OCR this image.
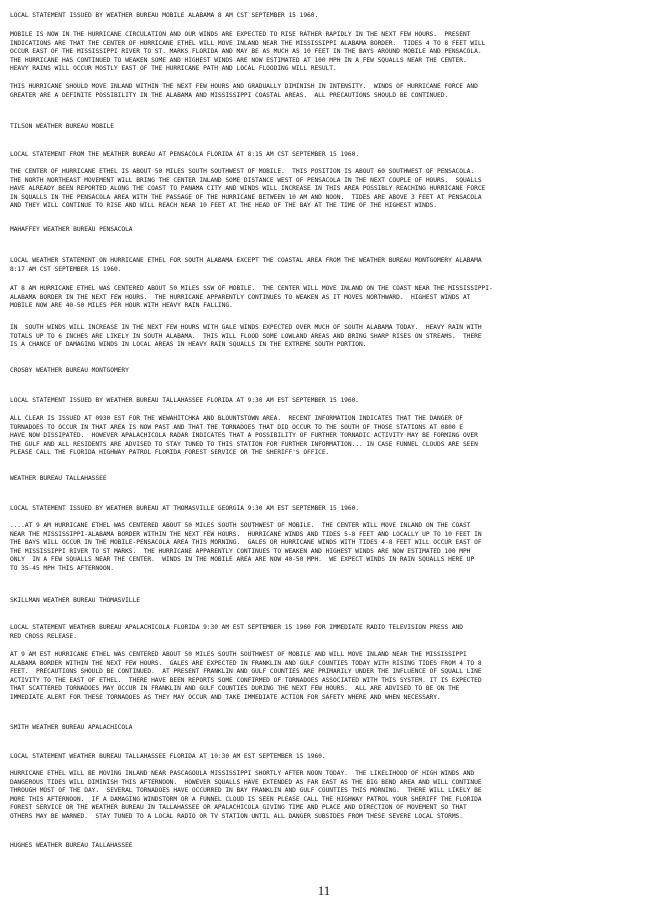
LOCAL STATEMENT ISSUED BY WEATHER BUREAU MOBILE ALABAMA 8 AM CST SEPTEMBER 15 1960.
MOBILE IS NOW IN THE HURRICANE CIRCULATION AND OUR WINDS ARE EXPECTED TO RISE RATHER RAPIDLY IN THE NEXT FEW HOURS.  PRESENT
INDICATIONS ARE THAT THE CENTER OF HURRICANE ETHEL WILL MOVE INLAND NEAR THE MISSISSIPPI ALABAMA BORDER.  TIDES 4 TO 8 FEET WILL
OCCUR EAST OF THE MISSISSIPPI RIVER TO ST. MARKS FLORIDA AND MAY BE AS MUCH AS 10 FEET IN THE BAYS AROUND MOBILE AND PENSACOLA.
THE HURRICANE HAS CONTINUED TO WEAKEN SOME AND HIGHEST WINDS ARE NOW ESTIMATED AT 100 MPH IN A FEW SQUALLS NEAR THE CENTER.
HEAVY RAINS WILL OCCUR MOSTLY EAST OF THE HURRICANE PATH AND LOCAL FLOODING WILL RESULT.
THIS HURRICANE SHOULD MOVE INLAND WITHIN THE NEXT FEW HOURS AND GRADUALLY DIMINISH IN INTENSITY.  WINDS OF HURRICANE FORCE AND
GREATER ARE A DEFINITE POSSIBILITY IN THE ALABAMA AND MISSISSIPPI COASTAL AREAS.  ALL PRECAUTIONS SHOULD BE CONTINUED.
TILSON WEATHER BUREAU MOBILE
LOCAL STATEMENT FROM THE WEATHER BUREAU AT PENSACOLA FLORIDA AT 8:15 AM CST SEPTEMBER 15 1960.
THE CENTER OF HURRICANE ETHEL IS ABOUT 50 MILES SOUTH SOUTHWEST OF MOBILE.  THIS POSITION IS ABOUT 60 SOUTHWEST OF PENSACOLA.
THE NORTH NORTHEAST MOVEMENT WILL BRING THE CENTER INLAND SOME DISTANCE WEST OF PENSACOLA IN THE NEXT COUPLE OF HOURS.  SQUALLS
HAVE ALREADY BEEN REPORTED ALONG THE COAST TO PANAMA CITY AND WINDS WILL INCREASE IN THIS AREA POSSIBLY REACHING HURRICANE FORCE
IN SQUALLS IN THE PENSACOLA AREA WITH THE PASSAGE OF THE HURRICANE BETWEEN 10 AM AND NOON.  TIDES ARE ABOVE 3 FEET AT PENSACOLA
AND THEY WILL CONTINUE TO RISE AND WILL REACH NEAR 10 FEET AT THE HEAD OF THE BAY AT THE TIME OF THE HIGHEST WINDS.
MAHAFFEY WEATHER BUREAU PENSACOLA
LOCAL WEATHER STATEMENT ON HURRICANE ETHEL FOR SOUTH ALABAMA EXCEPT THE COASTAL AREA FROM THE WEATHER BUREAU MONTGOMERY ALABAMA
8:17 AM CST SEPTEMBER 15 1960.
AT 8 AM HURRICANE ETHEL WAS CENTERED ABOUT 50 MILES SSW OF MOBILE.  THE CENTER WILL MOVE INLAND ON THE COAST NEAR THE MISSISSIPPI-
ALABAMA BORDER IN THE NEXT FEW HOURS.  THE HURRICANE APPARENTLY CONTINUES TO WEAKEN AS IT MOVES NORTHWARD.  HIGHEST WINDS AT
MOBILE NOW ARE 40-50 MILES PER HOUR WITH HEAVY RAIN FALLING.
IN  SOUTH WINDS WILL INCREASE IN THE NEXT FEW HOURS WITH GALE WINDS EXPECTED OVER MUCH OF SOUTH ALABAMA TODAY.  HEAVY RAIN WITH
TOTALS UP TO 6 INCHES ARE LIKELY IN SOUTH ALABAMA.  THIS WILL FLOOD SOME LOWLAND AREAS AND BRING SHARP RISES ON STREAMS.  THERE
IS A CHANCE OF DAMAGING WINDS IN LOCAL AREAS IN HEAVY RAIN SQUALLS IN THE EXTREME SOUTH PORTION.
CROSBY WEATHER BUREAU MONTGOMERY
LOCAL STATEMENT ISSUED BY WEATHER BUREAU TALLAHASSEE FLORIDA AT 9:30 AM EST SEPTEMBER 15 1960.
ALL CLEAR IS ISSUED AT 0930 EST FOR THE WEWAHITCHKA AND BLOUNTSTOWN AREA.  RECENT INFORMATION INDICATES THAT THE DANGER OF
TORNADOES TO OCCUR IN THAT AREA IS NOW PAST AND THAT THE TORNADOES THAT DID OCCUR TO THE SOUTH OF THOSE STATIONS AT 0800 E
HAVE NOW DISSIPATED.  HOWEVER APALACHICOLA RADAR INDICATES THAT A POSSIBILITY OF FURTHER TORNADIC ACTIVITY MAY BE FORMING OVER
THE GULF AND ALL RESIDENTS ARE ADVISED TO STAY TUNED TO THIS STATION FOR FURTHER INFORMATION... IN CASE FUNNEL CLOUDS ARE SEEN
PLEASE CALL THE FLORIDA HIGHWAY PATROL FLORIDA FOREST SERVICE OR THE SHERIFF'S OFFICE.
WEATHER BUREAU TALLAHASSEE
LOCAL STATEMENT ISSUED BY WEATHER BUREAU AT THOMASVILLE GEORGIA 9:30 AM EST SEPTEMBER 15 1960.
....AT 9 AM HURRICANE ETHEL WAS CENTERED ABOUT 50 MILES SOUTH SOUTHWEST OF MOBILE.  THE CENTER WILL MOVE INLAND ON THE COAST
NEAR THE MISSISSIPPI-ALABAMA BORDER WITHIN THE NEXT FEW HOURS.  HURRICANE WINDS AND TIDES 5-8 FEET AND LOCALLY UP TO 10 FEET IN
THE BAYS WILL OCCUR IN THE MOBILE-PENSACOLA AREA THIS MORNING.  GALES OR HURRICANE WINDS WITH TIDES 4-8 FEET WILL OCCUR EAST OF
THE MISSISSIPPI RIVER TO ST MARKS.  THE HURRICANE APPARENTLY CONTINUES TO WEAKEN AND HIGHEST WINDS ARE NOW ESTIMATED 100 MPH
ONLY  IN A FEW SQUALLS NEAR THE CENTER.  WINDS IN THE MOBILE AREA ARE NOW 40-50 MPH.  WE EXPECT WINDS IN RAIN SQUALLS HERE UP
TO 35-45 MPH THIS AFTERNOON.
SKILLMAN WEATHER BUREAU THOMASVILLE
LOCAL STATEMENT WEATHER BUREAU APALACHICOLA FLORIDA 9:30 AM EST SEPTEMBER 15 1960 FOR IMMEDIATE RADIO TELEVISION PRESS AND
RED CROSS RELEASE.
AT 9 AM EST HURRICANE ETHEL WAS CENTERED ABOUT 50 MILES SOUTH SOUTHWEST OF MOBILE AND WILL MOVE INLAND NEAR THE MISSISSIPPI
ALABAMA BORDER WITHIN THE NEXT FEW HOURS.  GALES ARE EXPECTED IN FRANKLIN AND GULF COUNTIES TODAY WITH RISING TIDES FROM 4 TO 8
FEET.  PRECAUTIONS SHOULD BE CONTINUED.  AT PRESENT FRANKLIN AND GULF COUNTIES ARE PRIMARILY UNDER THE INFLUENCE OF SQUALL LINE
ACTIVITY TO THE EAST OF ETHEL.  THERE HAVE BEEN REPORTS SOME CONFIRMED OF TORNADOES ASSOCIATED WITH THIS SYSTEM. IT IS EXPECTED
THAT SCATTERED TORNADOES MAY OCCUR IN FRANKLIN AND GULF COUNTIES DURING THE NEXT FEW HOURS.  ALL ARE ADVISED TO BE ON THE
IMMEDIATE ALERT FOR THESE TORNADOES AS THEY MAY OCCUR AND TAKE IMMEDIATE ACTION FOR SAFETY WHERE AND WHEN NECESSARY.
SMITH WEATHER BUREAU APALACHICOLA
LOCAL STATEMENT WEATHER BUREAU TALLAHASSEE FLORIDA AT 10:30 AM EST SEPTEMBER 15 1960.
HURRICANE ETHEL WILL BE MOVING INLAND NEAR PASCAGOULA MISSISSIPPI SHORTLY AFTER NOON TODAY.  THE LIKELIHOOD OF HIGH WINDS AND
DANGEROUS TIDES WILL DIMINISH THIS AFTERNOON.  HOWEVER SQUALLS HAVE EXTENDED AS FAR EAST AS THE BIG BEND AREA AND WILL CONTINUE
THROUGH MOST OF THE DAY.  SEVERAL TORNADOES HAVE OCCURRED IN BAY FRANKLIN AND GULF COUNTIES THIS MORNING.  THERE WILL LIKELY BE
MORE THIS AFTERNOON.  IF A DAMAGING WINDSTORM OR A FUNNEL CLOUD IS SEEN PLEASE CALL THE HIGHWAY PATROL YOUR SHERIFF THE FLORIDA
FOREST SERVICE OR THE WEATHER BUREAU IN TALLAHASSEE OR APALACHICOLA GIVING TIME AND PLACE AND DIRECTION OF MOVEMENT SO THAT
OTHERS MAY BE WARNED.  STAY TUNED TO A LOCAL RADIO OR TV STATION UNTIL ALL DANGER SUBSIDES FROM THESE SEVERE LOCAL STORMS.
HUGHES WEATHER BUREAU TALLAHASSEE
11
